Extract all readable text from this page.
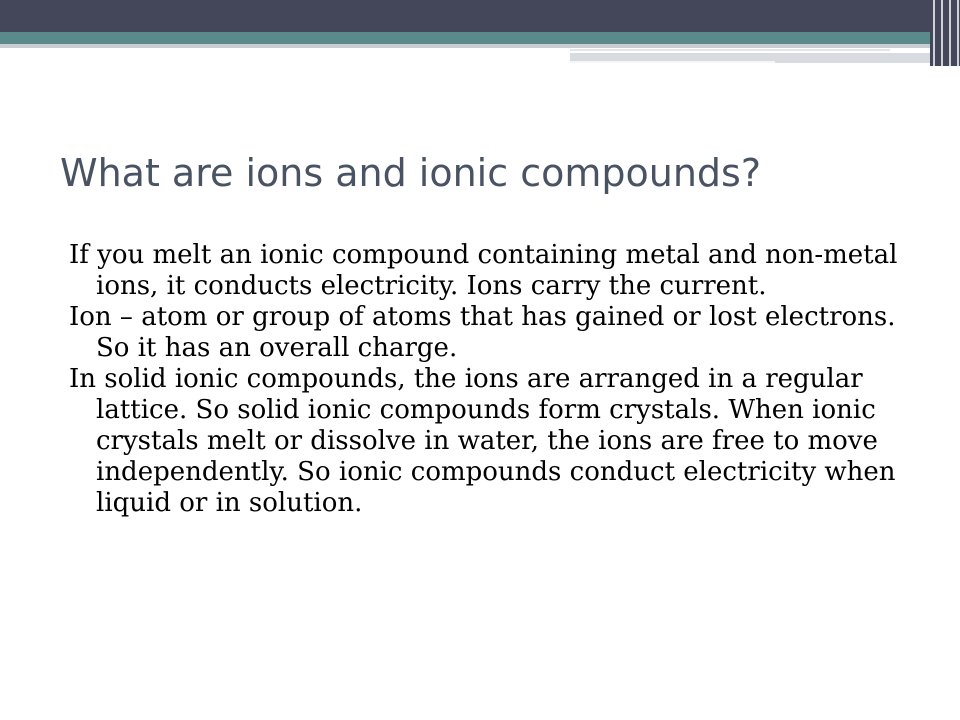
What are ions and ionic compounds?

If you melt an ionic compound containing metal and non-metal ions, it conducts electricity. Ions carry the current.

Ion – atom or group of atoms that has gained or lost electrons. So it has an overall charge.

In solid ionic compounds, the ions are arranged in a regular lattice. So solid ionic compounds form crystals. When ionic crystals melt or dissolve in water, the ions are free to move independently. So ionic compounds conduct electricity when liquid or in solution.
